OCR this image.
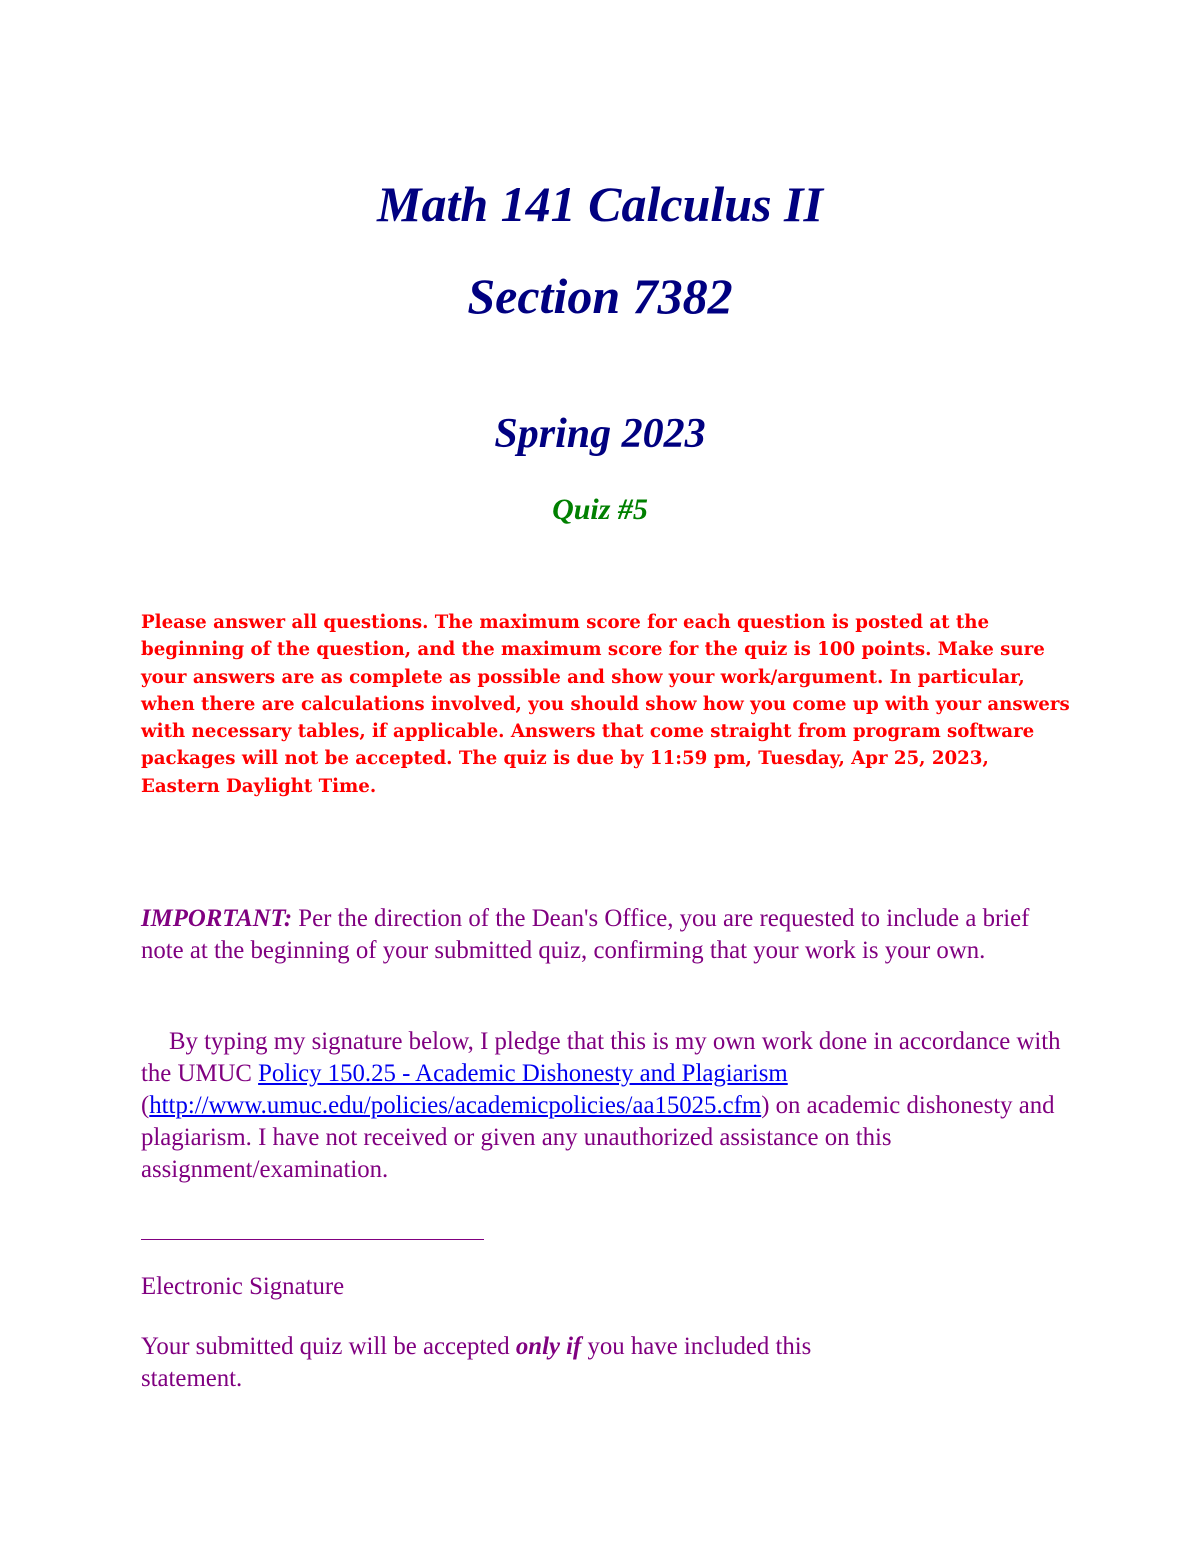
Math 141 Calculus II
Section 7382
Spring 2023
Quiz #5

Please answer all questions. The maximum score for each question is posted at the beginning of the question, and the maximum score for the quiz is 100 points. Make sure your answers are as complete as possible and show your work/argument. In particular, when there are calculations involved, you should show how you come up with your answers with necessary tables, if applicable. Answers that come straight from program software packages will not be accepted. The quiz is due by 11:59 pm, Tuesday, Apr 25, 2023, Eastern Daylight Time.

IMPORTANT: Per the direction of the Dean's Office, you are requested to include a brief note at the beginning of your submitted quiz, confirming that your work is your own.

By typing my signature below, I pledge that this is my own work done in accordance with the UMUC Policy 150.25 - Academic Dishonesty and Plagiarism (http://www.umuc.edu/policies/academicpolicies/aa15025.cfm) on academic dishonesty and plagiarism. I have not received or given any unauthorized assistance on this assignment/examination.

Electronic Signature

Your submitted quiz will be accepted only if you have included this statement.
